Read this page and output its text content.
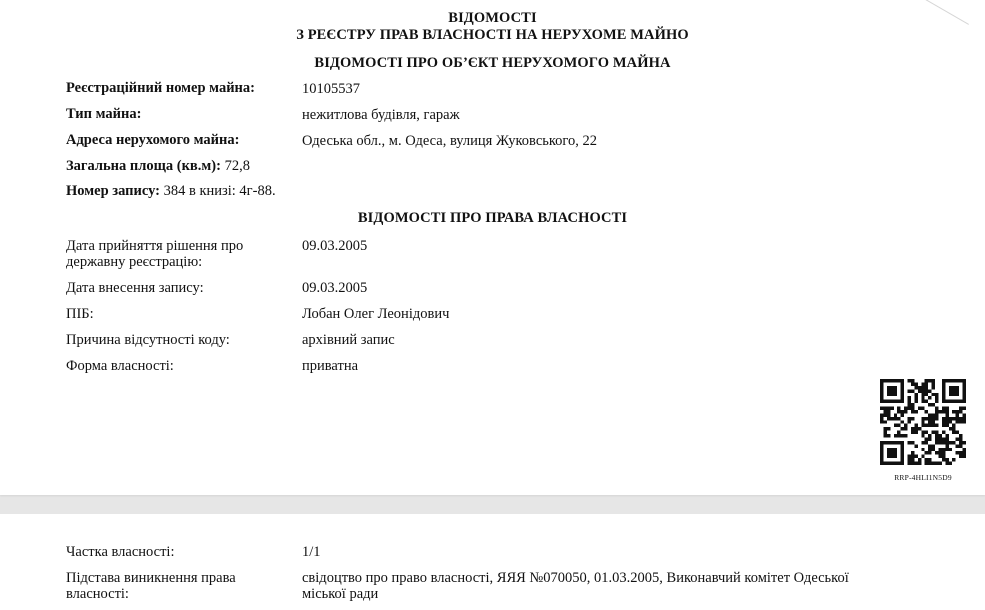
ВІДОМОСТІ
З РЕЄСТРУ ПРАВ ВЛАСНОСТІ НА НЕРУХОМЕ МАЙНО
ВІДОМОСТІ ПРО ОБ’ЄКТ НЕРУХОМОГО МАЙНА
Реєстраційний номер майна:	10105537
Тип майна:	нежитлова будівля, гараж
Адреса нерухомого майна:	Одеська обл., м. Одеса, вулиця Жуковського, 22
Загальна площа (кв.м): 72,8
Номер запису: 384 в книзі: 4г-88.
ВІДОМОСТІ ПРО ПРАВА ВЛАСНОСТІ
Дата прийняття рішення про державну реєстрацію:
09.03.2005
Дата внесення запису:	09.03.2005
ПІБ:	Лобан Олег Леонідович
Причина відсутності коду:	архівний запис
Форма власності:	приватна
RRP-4HLI1N5D9
Частка власності:	1/1
Підстава виникнення права власності:
свідоцтво про право власності, ЯЯЯ №070050, 01.03.2005, Виконавчий комітет Одеської міської ради
